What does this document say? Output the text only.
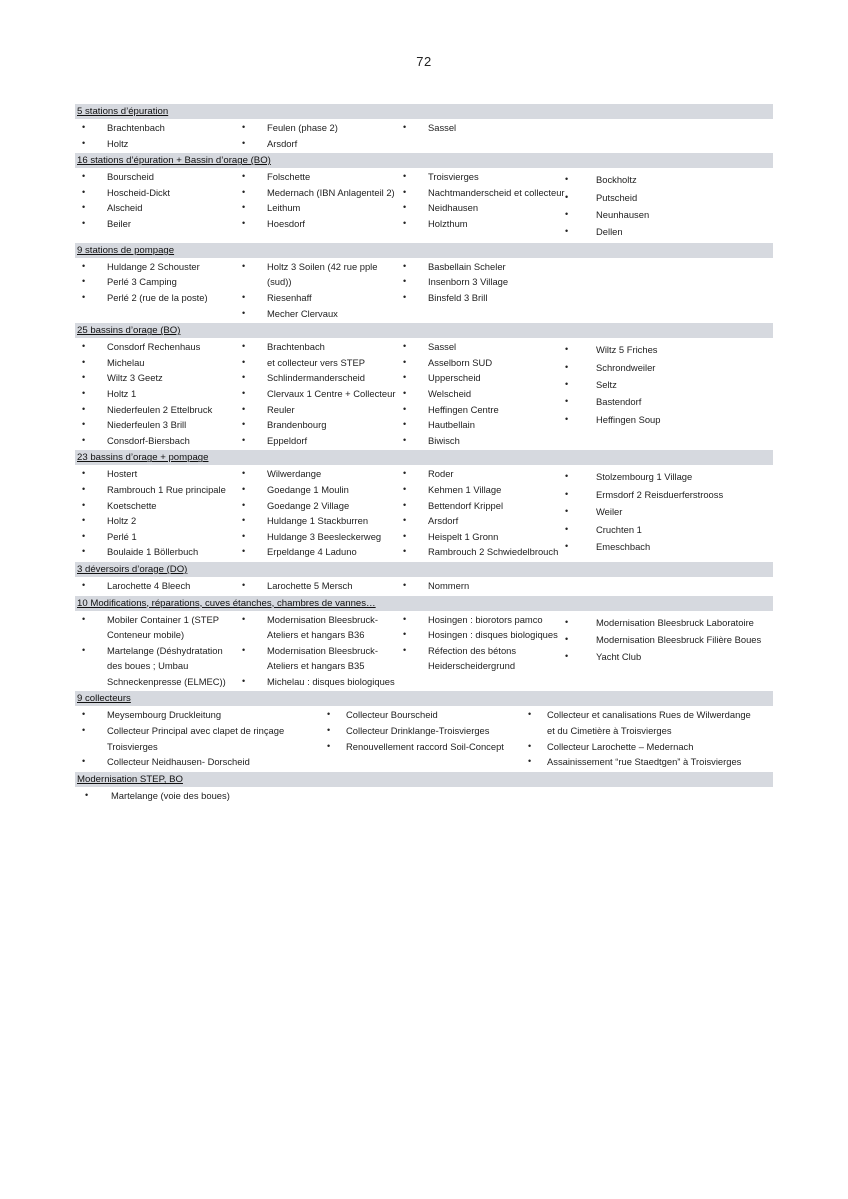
72
5 stations d’épuration
• Brachtenbach
• Holtz
• Feulen (phase 2)
• Arsdorf
• Sassel
16 stations d’épuration + Bassin d’orage (BO)
• Bourscheid
• Hoscheid-Dickt
• Alscheid
• Beiler
• Folschette
• Medernach (IBN Anlagenteil 2)
• Leithum
• Hoesdorf
• Troisvierges
• Nachtmanderscheid et collecteur
• Neidhausen
• Holzthum
•	Bockholtz
•	Putscheid
•	Neunhausen
•	Dellen
9 stations de pompage
• Huldange 2 Schouster
• Perlé 3 Camping
• Perlé 2 (rue de la poste)
• Holtz 3 Soilen (42 rue pple (sud))
• Riesenhaff
• Mecher Clervaux
• Basbellain Scheler
• Insenborn 3 Village
• Binsfeld 3 Brill
25 bassins d’orage (BO)
• Consdorf Rechenhaus
• Michelau
• Wiltz 3 Geetz
• Holtz 1
• Niederfeulen 2 Ettelbruck
• Niederfeulen 3 Brill
• Consdorf-Biersbach
• Brachtenbach
• et collecteur vers STEP
• Schlindermanderscheid
• Clervaux 1 Centre + Collecteur
• Reuler
• Brandenbourg
• Eppeldorf
• Sassel
• Asselborn SUD
• Upperscheid
• Welscheid
• Heffingen Centre
• Hautbellain
• Biwisch
•	Wiltz 5 Friches
•	Schrondweiler
•	Seltz
•	Bastendorf
•	Heffingen Soup
23 bassins d’orage + pompage
• Hostert
• Rambrouch 1 Rue principale
• Koetschette
• Holtz 2
• Perlé 1
• Boulaide 1 Böllerbuch
• Wilwerdange
• Goedange 1 Moulin
• Goedange 2 Village
• Huldange 1 Stackburren
• Huldange 3 Beesleckerweg
• Erpeldange 4 Laduno
• Roder
• Kehmen 1 Village
• Bettendorf Krippel
• Arsdorf
• Heispelt 1 Gronn
• Rambrouch 2 Schwiedelbrouch
•	Stolzembourg 1 Village
•	Ermsdorf 2 Reisduerferstrooss
•	Weiler
•	Cruchten 1
•	Emeschbach
3 déversoirs d’orage (DO)
• Larochette 4 Bleech	• Larochette 5 Mersch	• Nommern
10 Modifications, réparations, cuves étanches, chambres de vannes…
• Mobiler Container 1 (STEP
Conteneur mobile)
• Martelange (Déshydratation
des boues ; Umbau
Schneckenpresse (ELMEC))
• Modernisation Bleesbruck-
Ateliers et hangars B36
• Modernisation Bleesbruck-
Ateliers et hangars B35
• Michelau : disques biologiques
• Hosingen : biorotors pamco
• Hosingen : disques biologiques
• Réfection des bétons
Heiderscheidergrund
•	Modernisation Bleesbruck Laboratoire
•	Modernisation Bleesbruck Filière Boues
•	Yacht Club
9 collecteurs
• Meysembourg Druckleitung
• Collecteur Principal avec clapet de rinçage
Troisvierges
• Collecteur Neidhausen- Dorscheid
• Collecteur Bourscheid
• Collecteur Drinklange-Troisvierges
• Renouvellement raccord Soil-Concept
• Collecteur et canalisations Rues de Wilwerdange
et du Cimetière à Troisvierges
• Collecteur Larochette – Medernach
• Assainissement “rue Staedtgen” à Troisvierges
Modernisation STEP, BO
• Martelange (voie des boues)
